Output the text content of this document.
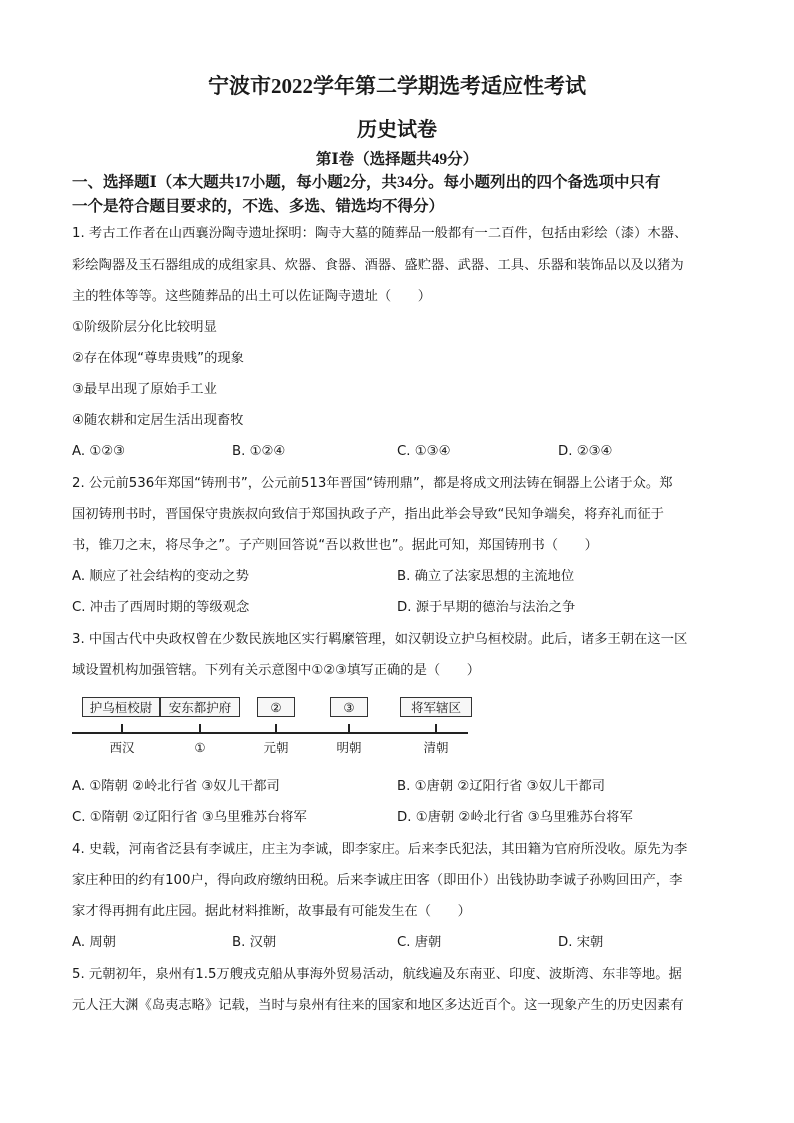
宁波市2022学年第二学期选考适应性考试
历史试卷
第Ⅰ卷（选择题共49分）
一、选择题Ⅰ（本大题共17小题，每小题2分，共34分。每小题列出的四个备选项中只有
一个是符合题目要求的，不选、多选、错选均不得分）
1. 考古工作者在山西襄汾陶寺遗址探明：陶寺大墓的随葬品一般都有一二百件，包括由彩绘（漆）木器、
彩绘陶器及玉石器组成的成组家具、炊器、食器、酒器、盛贮器、武器、工具、乐器和装饰品以及以猪为
主的牲体等等。这些随葬品的出土可以佐证陶寺遗址（　　）
①阶级阶层分化比较明显
②存在体现“尊卑贵贱”的现象
③最早出现了原始手工业
④随农耕和定居生活出现畜牧
A. ①②③	B. ①②④	C. ①③④	D. ②③④
2. 公元前536年郑国“铸刑书”，公元前513年晋国“铸刑鼎”，都是将成文刑法铸在铜器上公诸于众。郑
国初铸刑书时，晋国保守贵族叔向致信于郑国执政子产，指出此举会导致“民知争端矣，将弃礼而征于
书，锥刀之末，将尽争之”。子产则回答说“吾以救世也”。据此可知，郑国铸刑书（　　）
A. 顺应了社会结构的变动之势	B. 确立了法家思想的主流地位
C. 冲击了西周时期的等级观念	D. 源于早期的德治与法治之争
3. 中国古代中央政权曾在少数民族地区实行羁縻管理，如汉朝设立护乌桓校尉。此后，诸多王朝在这一区
域设置机构加强管辖。下列有关示意图中①②③填写正确的是（　　）
护乌桓校尉	安东都护府	②	③	将军辖区
西汉	①	元朝	明朝	清朝
A. ①隋朝 ②岭北行省 ③奴儿干都司	B. ①唐朝 ②辽阳行省 ③奴儿干都司
C. ①隋朝 ②辽阳行省 ③乌里雅苏台将军	D. ①唐朝 ②岭北行省 ③乌里雅苏台将军
4. 史载，河南省泛县有李诚庄，庄主为李诚，即李家庄。后来李氏犯法，其田籍为官府所没收。原先为李
家庄种田的约有100户，得向政府缴纳田税。后来李诚庄田客（即田仆）出钱协助李诚子孙购回田产，李
家才得再拥有此庄园。据此材料推断，故事最有可能发生在（　　）
A. 周朝	B. 汉朝	C. 唐朝	D. 宋朝
5. 元朝初年，泉州有1.5万艘戎克船从事海外贸易活动，航线遍及东南亚、印度、波斯湾、东非等地。据
元人汪大渊《岛夷志略》记载，当时与泉州有往来的国家和地区多达近百个。这一现象产生的历史因素有
